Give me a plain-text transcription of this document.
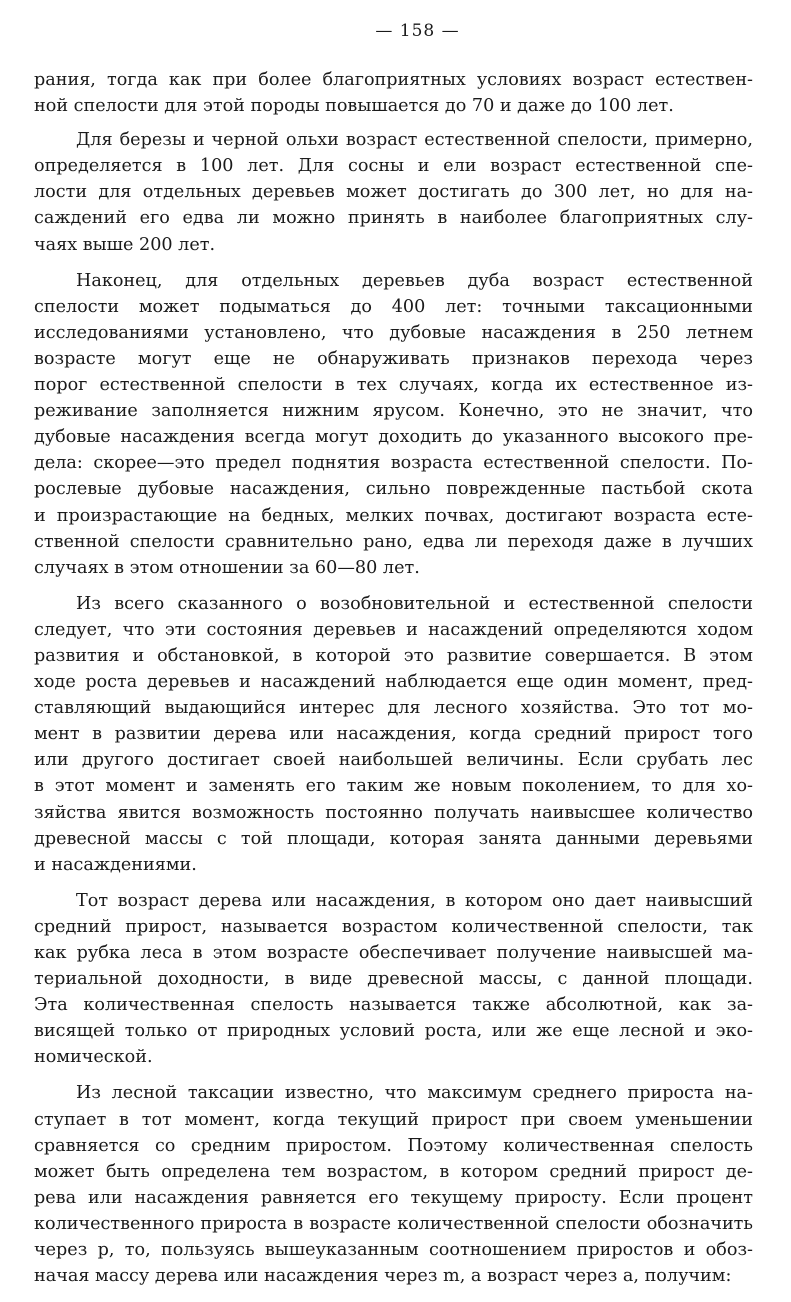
— 158 —
рания, тогда как при более благоприятных условиях возраст естествен-
ной спелости для этой породы повышается до 70 и даже до 100 лет.
Для березы и черной ольхи возраст естественной спелости, примерно,
определяется в 100 лет. Для сосны и ели возраст естественной спе-
лости для отдельных деревьев может достигать до 300 лет, но для на-
саждений его едва ли можно принять в наиболее благоприятных слу-
чаях выше 200 лет.
Наконец, для отдельных деревьев дуба возраст естественной
спелости может подыматься до 400 лет: точными таксационными
исследованиями установлено, что дубовые насаждения в 250 летнем
возрасте могут еще не обнаруживать признаков перехода через
порог естественной спелости в тех случаях, когда их естественное из-
реживание заполняется нижним ярусом. Конечно, это не значит, что
дубовые насаждения всегда могут доходить до указанного высокого пре-
дела: скорее—это предел поднятия возраста естественной спелости. По-
рослевые дубовые насаждения, сильно поврежденные пастьбой скота
и произрастающие на бедных, мелких почвах, достигают возраста есте-
ственной спелости сравнительно рано, едва ли переходя даже в лучших
случаях в этом отношении за 60—80 лет.
Из всего сказанного о возобновительной и естественной спелости
следует, что эти состояния деревьев и насаждений определяются ходом
развития и обстановкой, в которой это развитие совершается. В этом
ходе роста деревьев и насаждений наблюдается еще один момент, пред-
ставляющий выдающийся интерес для лесного хозяйства. Это тот мо-
мент в развитии дерева или насаждения, когда средний прирост того
или другого достигает своей наибольшей величины. Если срубать лес
в этот момент и заменять его таким же новым поколением, то для хо-
зяйства явится возможность постоянно получать наивысшее количество
древесной массы с той площади, которая занята данными деревьями
и насаждениями.
Тот возраст дерева или насаждения, в котором оно дает наивысший
средний прирост, называется возрастом количественной спелости, так
как рубка леса в этом возрасте обеспечивает получение наивысшей ма-
териальной доходности, в виде древесной массы, с данной площади.
Эта количественная спелость называется также абсолютной, как за-
висящей только от природных условий роста, или же еще лесной и эко-
номической.
Из лесной таксации известно, что максимум среднего прироста на-
ступает в тот момент, когда текущий прирост при своем уменьшении
сравняется со средним приростом. Поэтому количественная спелость
может быть определена тем возрастом, в котором средний прирост де-
рева или насаждения равняется его текущему приросту. Если процент
количественного прироста в возрасте количественной спелости обозначить
через p, то, пользуясь вышеуказанным соотношением приростов и обоз-
начая массу дерева или насаждения через m, а возраст через a, получим:
